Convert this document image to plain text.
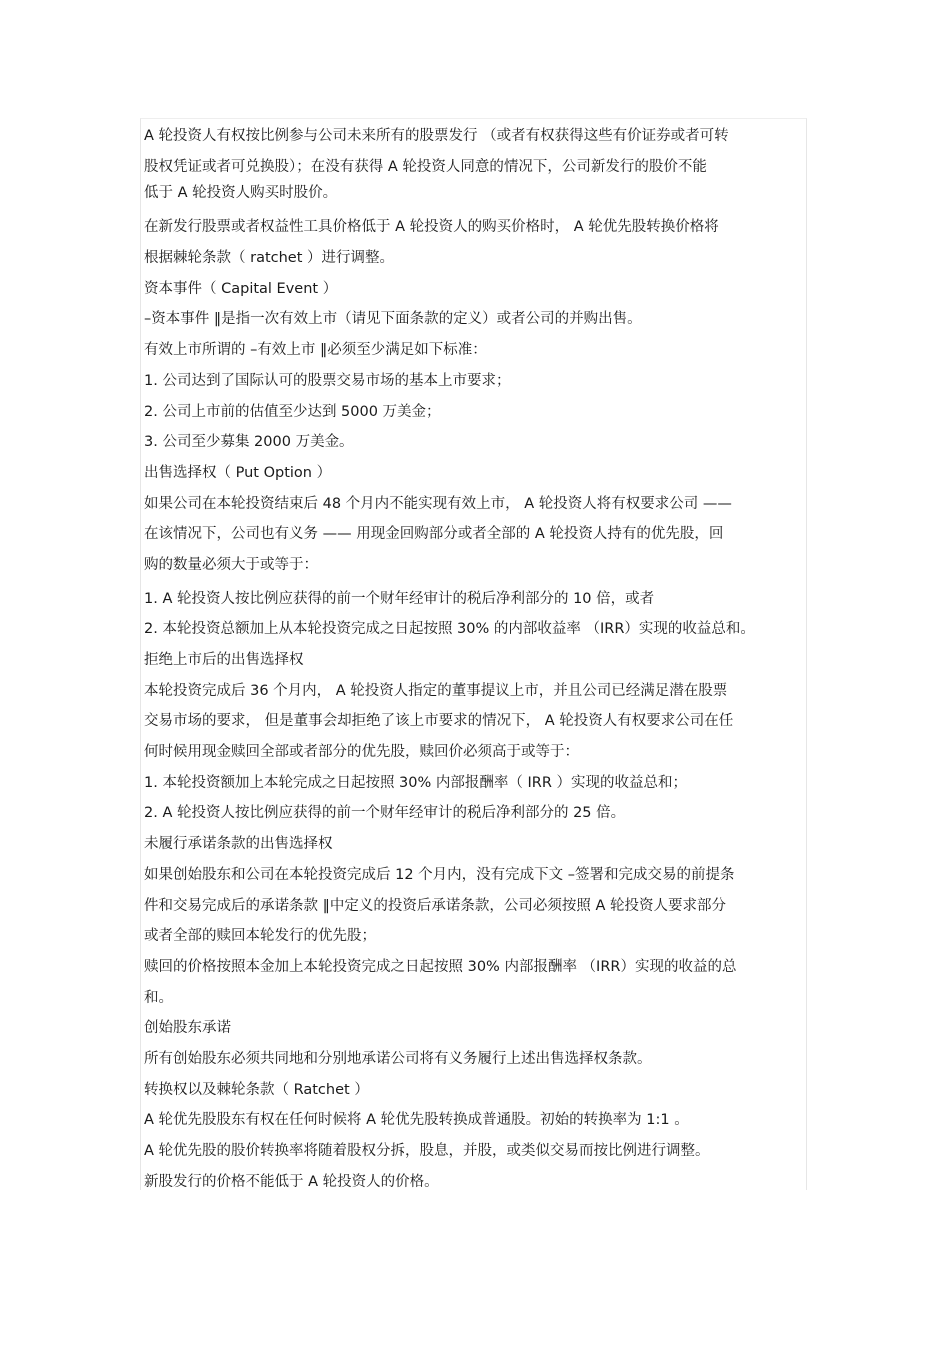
A 轮投资人有权按比例参与公司未来所有的股票发行 （或者有权获得这些有价证券或者可转
股权凭证或者可兑换股）；在没有获得 A 轮投资人同意的情况下，公司新发行的股价不能
低于 A 轮投资人购买时股价。
在新发行股票或者权益性工具价格低于 A 轮投资人的购买价格时， A 轮优先股转换价格将
根据棘轮条款（ ratchet ）进行调整。
资本事件（ Capital Event ）
–资本事件 ‖是指一次有效上市（请见下面条款的定义）或者公司的并购出售。
有效上市所谓的 –有效上市 ‖必须至少满足如下标准：
1. 公司达到了国际认可的股票交易市场的基本上市要求；
2. 公司上市前的估值至少达到 5000 万美金；
3. 公司至少募集 2000 万美金。
出售选择权（ Put Option ）
如果公司在本轮投资结束后 48 个月内不能实现有效上市， A 轮投资人将有权要求公司 ——
在该情况下，公司也有义务 —— 用现金回购部分或者全部的 A 轮投资人持有的优先股，回
购的数量必须大于或等于：
1. A 轮投资人按比例应获得的前一个财年经审计的税后净利部分的 10 倍，或者
2. 本轮投资总额加上从本轮投资完成之日起按照 30% 的内部收益率 （IRR）实现的收益总和。
拒绝上市后的出售选择权
本轮投资完成后 36 个月内， A 轮投资人指定的董事提议上市，并且公司已经满足潜在股票
交易市场的要求， 但是董事会却拒绝了该上市要求的情况下， A 轮投资人有权要求公司在任
何时候用现金赎回全部或者部分的优先股，赎回价必须高于或等于：
1. 本轮投资额加上本轮完成之日起按照 30% 内部报酬率（ IRR ）实现的收益总和；
2. A 轮投资人按比例应获得的前一个财年经审计的税后净利部分的 25 倍。
未履行承诺条款的出售选择权
如果创始股东和公司在本轮投资完成后 12 个月内，没有完成下文 –签署和完成交易的前提条
件和交易完成后的承诺条款 ‖中定义的投资后承诺条款，公司必须按照 A 轮投资人要求部分
或者全部的赎回本轮发行的优先股；
赎回的价格按照本金加上本轮投资完成之日起按照 30% 内部报酬率 （IRR）实现的收益的总
和。
创始股东承诺
所有创始股东必须共同地和分别地承诺公司将有义务履行上述出售选择权条款。
转换权以及棘轮条款（ Ratchet ）
A 轮优先股股东有权在任何时候将 A 轮优先股转换成普通股。初始的转换率为 1:1 。
A 轮优先股的股价转换率将随着股权分拆，股息，并股，或类似交易而按比例进行调整。
新股发行的价格不能低于 A 轮投资人的价格。
